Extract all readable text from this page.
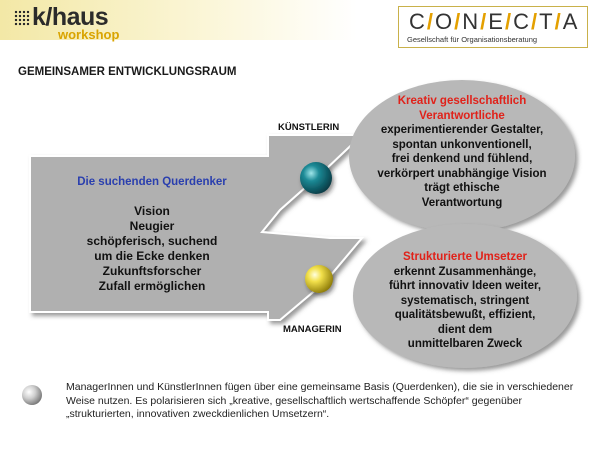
k/haus
workshop
C/O/N/E/C/T/A
Gesellschaft für Organisationsberatung
GEMEINSAMER ENTWICKLUNGSRAUM
KÜNSTLERIN
MANAGERIN
Die suchenden Querdenker
Vision
Neugier
schöpferisch, suchend
um die Ecke denken
Zukunftsforscher
Zufall ermöglichen
Kreativ gesellschaftlich
Verantwortliche
experimentierender Gestalter,
spontan unkonventionell,
frei denkend und fühlend,
verkörpert unabhängige Vision
trägt ethische
Verantwortung
Strukturierte Umsetzer
erkennt Zusammenhänge,
führt innovativ Ideen weiter,
systematisch, stringent
qualitätsbewußt, effizient,
dient dem
unmittelbaren Zweck
ManagerInnen und KünstlerInnen fügen über eine gemeinsame Basis (Querdenken), die sie in verschiedener Weise nutzen. Es polarisieren sich „kreative, gesellschaftlich wertschaffende Schöpfer“ gegenüber „strukturierten, innovativen zweckdienlichen Umsetzern“.
